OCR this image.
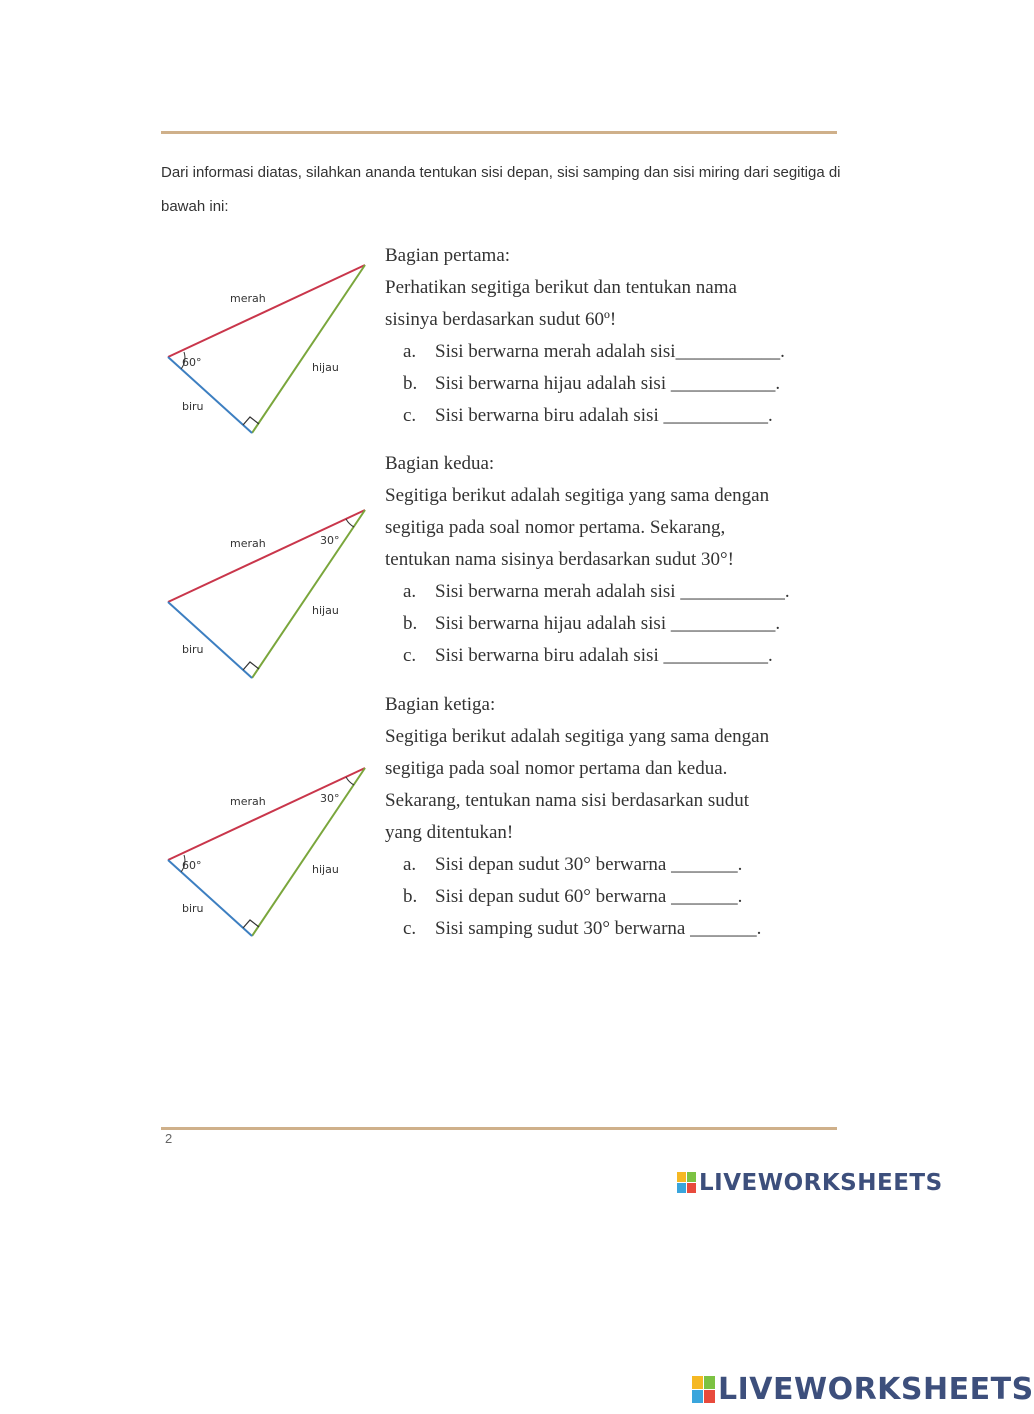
Dari informasi diatas, silahkan ananda tentukan sisi depan, sisi samping dan sisi miring dari segitiga di bawah ini:
merah
hijau
biru
60°
merah
hijau
biru
30°
merah
hijau
biru
60°
30°
Bagian pertama:
Perhatikan segitiga berikut dan tentukan nama
sisinya berdasarkan sudut 60º!
a. Sisi berwarna merah adalah sisi___________.
b. Sisi berwarna hijau adalah sisi ___________.
c. Sisi berwarna biru adalah sisi ___________.
Bagian kedua:
Segitiga berikut adalah segitiga yang sama dengan
segitiga pada soal nomor pertama. Sekarang,
tentukan nama sisinya berdasarkan sudut 30°!
a. Sisi berwarna merah adalah sisi ___________.
b. Sisi berwarna hijau adalah sisi ___________.
c. Sisi berwarna biru adalah sisi ___________.
Bagian ketiga:
Segitiga berikut adalah segitiga yang sama dengan
segitiga pada soal nomor pertama dan kedua.
Sekarang, tentukan nama sisi berdasarkan sudut
yang ditentukan!
a. Sisi depan sudut 30° berwarna _______.
b. Sisi depan sudut 60° berwarna _______.
c. Sisi samping sudut 30° berwarna _______.
2
LIVEWORKSHEETS
LIVEWORKSHEETS
